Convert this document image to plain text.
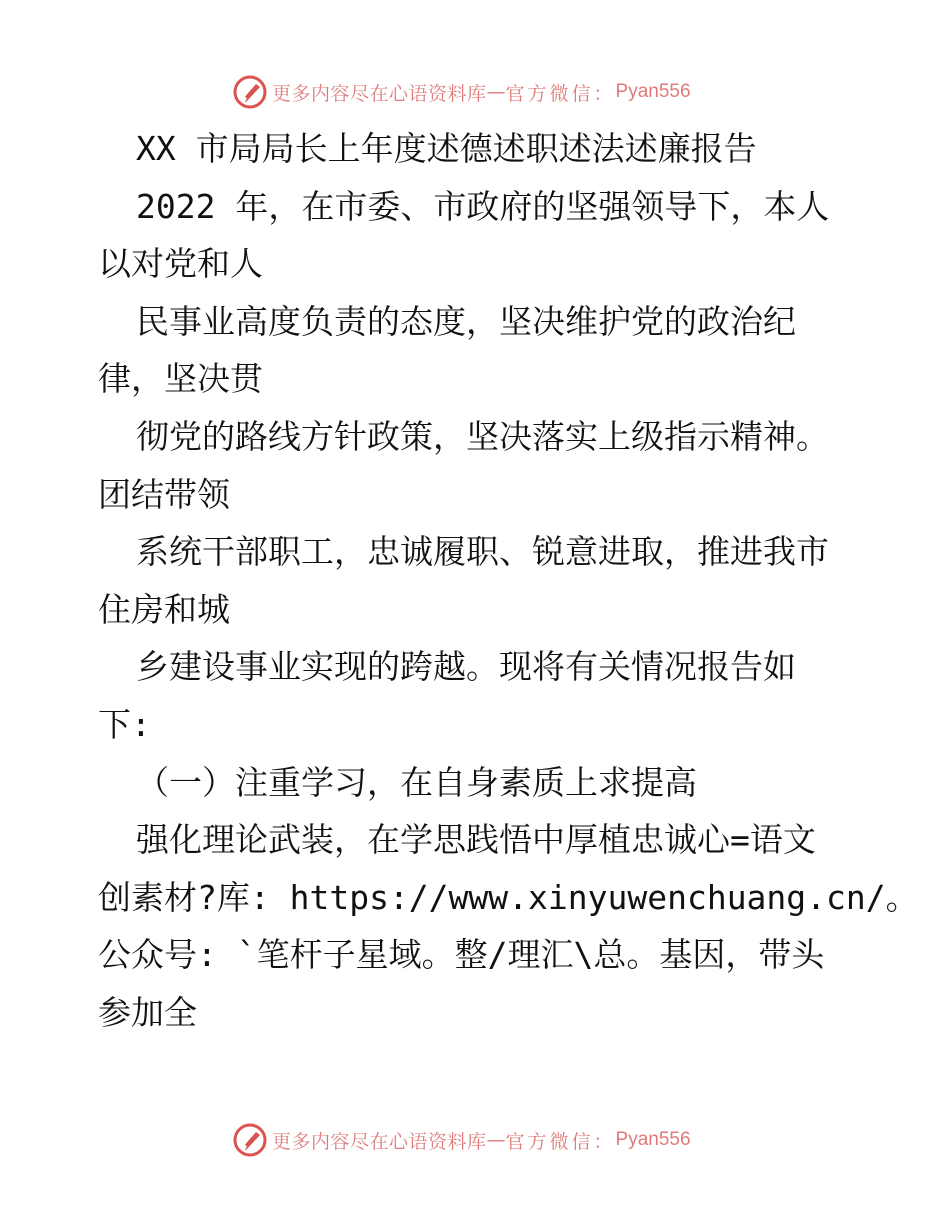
更多内容尽在心语资料库 — 官方微信： Pyan556
XX 市局局长上年度述德述职述法述廉报告
2022 年，在市委、市政府的坚强领导下，本人
以对党和人
民事业高度负责的态度，坚决维护党的政治纪
律，坚决贯
彻党的路线方针政策，坚决落实上级指示精神。
团结带领
系统干部职工，忠诚履职、锐意进取，推进我市
住房和城
乡建设事业实现的跨越。现将有关情况报告如
下:
（一）注重学习，在自身素质上求提高
强化理论武装，在学思践悟中厚植忠诚心=语文
创素材?库: https://www.xinyuwenchuang.cn/。
公众号: `笔杆子星域。整/理汇\总。基因，带头
参加全
更多内容尽在心语资料库 — 官方微信： Pyan556
